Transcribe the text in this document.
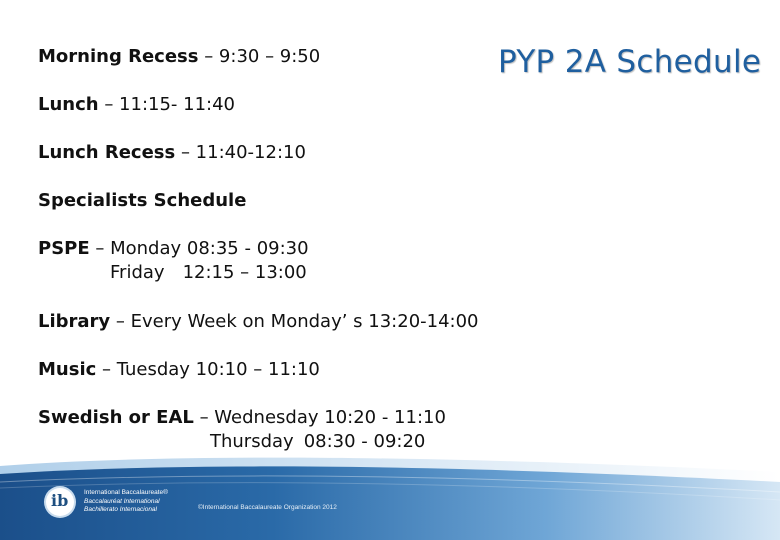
PYP 2A Schedule
Morning Recess – 9:30 – 9:50
Lunch – 11:15- 11:40
Lunch Recess – 11:40-12:10
Specialists Schedule
PSPE – Monday 08:35 - 09:30
Friday 12:15 – 13:00
Library – Every Week on Monday’ s 13:20-14:00
Music – Tuesday 10:10 – 11:10
Swedish or EAL – Wednesday 10:20 - 11:10
Thursday 08:30 - 09:20
ib International Baccalaureate®
Baccalauréat International
Bachillerato Internacional	©International Baccalaureate Organization 2012
